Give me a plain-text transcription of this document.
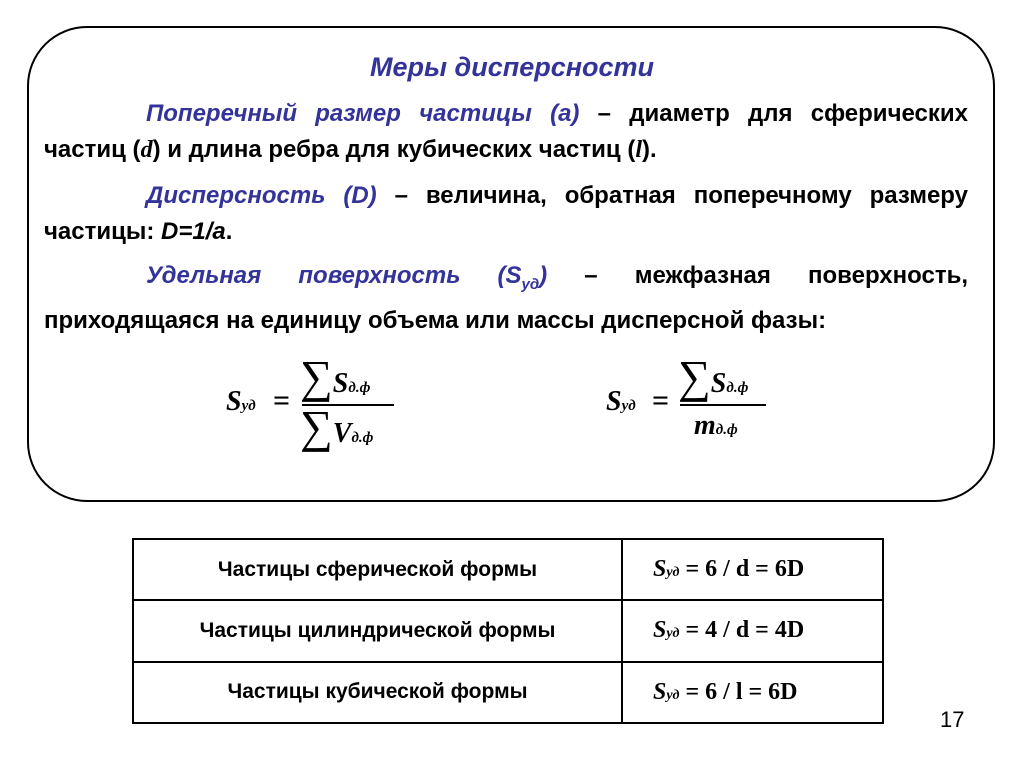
Меры дисперсности
Поперечный размер частицы (а) – диаметр для сферических частиц (d) и длина ребра для кубических частиц (l).
Дисперсность (D) – величина, обратная поперечному размеру частицы: D=1/a.
Удельная поверхность $(S_{уд})$ – межфазная поверхность, приходящаяся на единицу объема или массы дисперсной фазы:
Sуд = ∑Sд.ф
∑Vд.ф
Sуд = ∑Sд.ф
mд.ф
Частицы сферической формы	Sуд = 6 / d = 6D
Частицы цилиндрической формы	Sуд = 4 / d = 4D
Частицы кубической формы	Sуд = 6 / l = 6D
17
